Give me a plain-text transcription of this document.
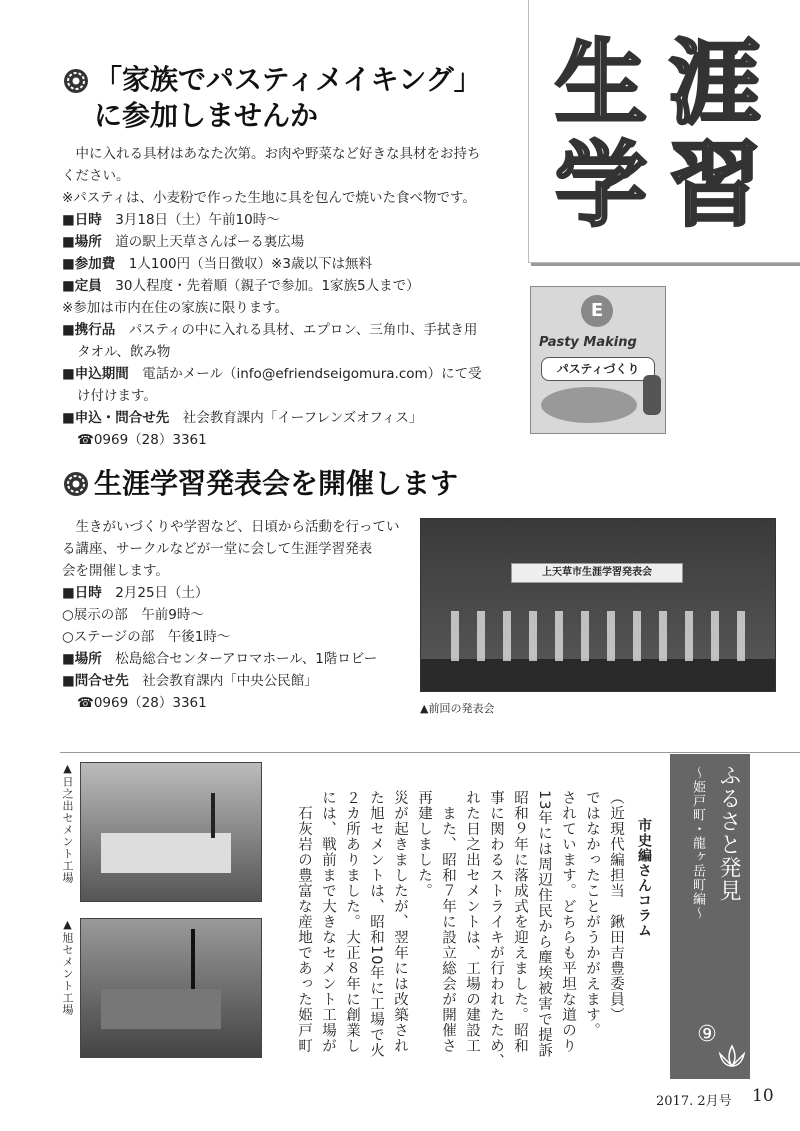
「家族でパスティメイキング」
に参加しませんか	生 涯
学 習
　中に入れる具材はあなた次第。お肉や野菜など好きな具材をお持ち
ください。
※パスティは、小麦粉で作った生地に具を包んで焼いた食べ物です。
■日時　 3月18日（土）午前10時～
■場所　 道の駅上天草さんぱーる裏広場
■参加費　 1人100円（当日徴収）※3歳以下は無料
■定員　 30人程度・先着順（親子で参加。1家族5人まで）
※参加は市内在住の家族に限ります。
■携行品　 パスティの中に入れる具材、エプロン、三角巾、手拭き用
タオル、飲み物
■申込期間　 電話かメール（info@efriendseigomura.com）にて受
け付けます。
■申込・問合せ先　 社会教育課内「イーフレンズオフィス」
☎0969（28）3361
E
Pasty Making
パスティづくり
生涯学習発表会を開催します
　生きがいづくりや学習など、日頃から活動を行ってい
る講座、サークルなどが一堂に会して生涯学習発表
会を開催します。
■日時　 2月25日（土）
○展示の部　午前9時～
○ステージの部　午後1時～
■場所　 松島総合センターアロマホール、1階ロビー
■問合せ先　 社会教育課内「中央公民館」
☎0969（28）3361
上天草市生涯学習発表会
▲前回の発表会
▲日之出セメント工場
▲旭セメント工場	（近現代編担当　鍬田吉豊委員）
ではなかったことがうかがえます。
されています。どちらも平坦な道のり
13年には周辺住民から塵埃被害で提訴
昭和９年に落成式を迎えました。昭和
事に関わるストライキが行われたため、
れた日之出セメントは、工場の建設工
　また、昭和７年に設立総会が開催さ
再建しました。
災が起きましたが、翌年には改築され
た旭セメントは、昭和10年に工場で火
２カ所ありました。大正８年に創業し
には、戦前まで大きなセメント工場が
　石灰岩の豊富な産地であった姫戸町	市史編さんコラム	ふるさと発見
～姫戸町・龍ヶ岳町編～
⑨
2017. 2月号 10
